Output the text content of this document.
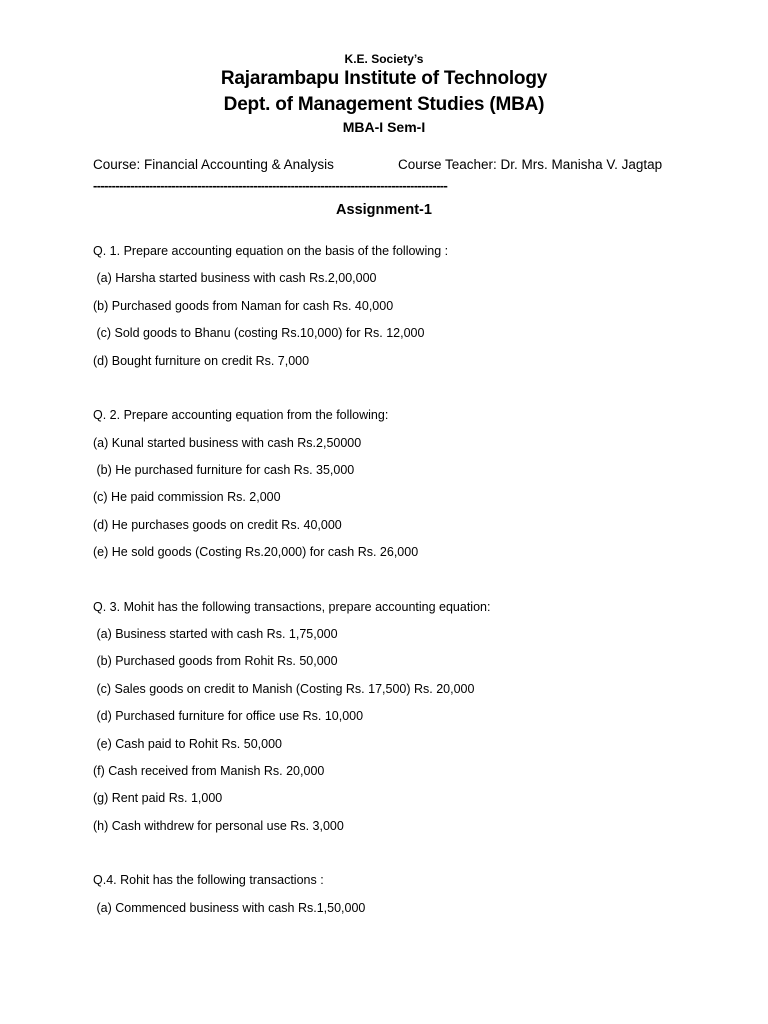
K.E. Society’s
Rajarambapu Institute of Technology
Dept. of Management Studies (MBA)
MBA-I Sem-I
Course: Financial Accounting & Analysis	Course Teacher: Dr. Mrs. Manisha V. Jagtap
-----------------------------------------------------------------------------------------------
Assignment-1
Q. 1. Prepare accounting equation on the basis of the following :
(a) Harsha started business with cash Rs.2,00,000
(b) Purchased goods from Naman for cash Rs. 40,000
(c) Sold goods to Bhanu (costing Rs.10,000) for Rs. 12,000
(d) Bought furniture on credit Rs. 7,000
Q. 2. Prepare accounting equation from the following:
(a) Kunal started business with cash Rs.2,50000
(b) He purchased furniture for cash Rs. 35,000
(c) He paid commission Rs. 2,000
(d) He purchases goods on credit Rs. 40,000
(e) He sold goods (Costing Rs.20,000) for cash Rs. 26,000
Q. 3. Mohit has the following transactions, prepare accounting equation:
(a) Business started with cash Rs. 1,75,000
(b) Purchased goods from Rohit Rs. 50,000
(c) Sales goods on credit to Manish (Costing Rs. 17,500) Rs. 20,000
(d) Purchased furniture for office use Rs. 10,000
(e) Cash paid to Rohit Rs. 50,000
(f) Cash received from Manish Rs. 20,000
(g) Rent paid Rs. 1,000
(h) Cash withdrew for personal use Rs. 3,000
Q.4. Rohit has the following transactions :
(a) Commenced business with cash Rs.1,50,000
